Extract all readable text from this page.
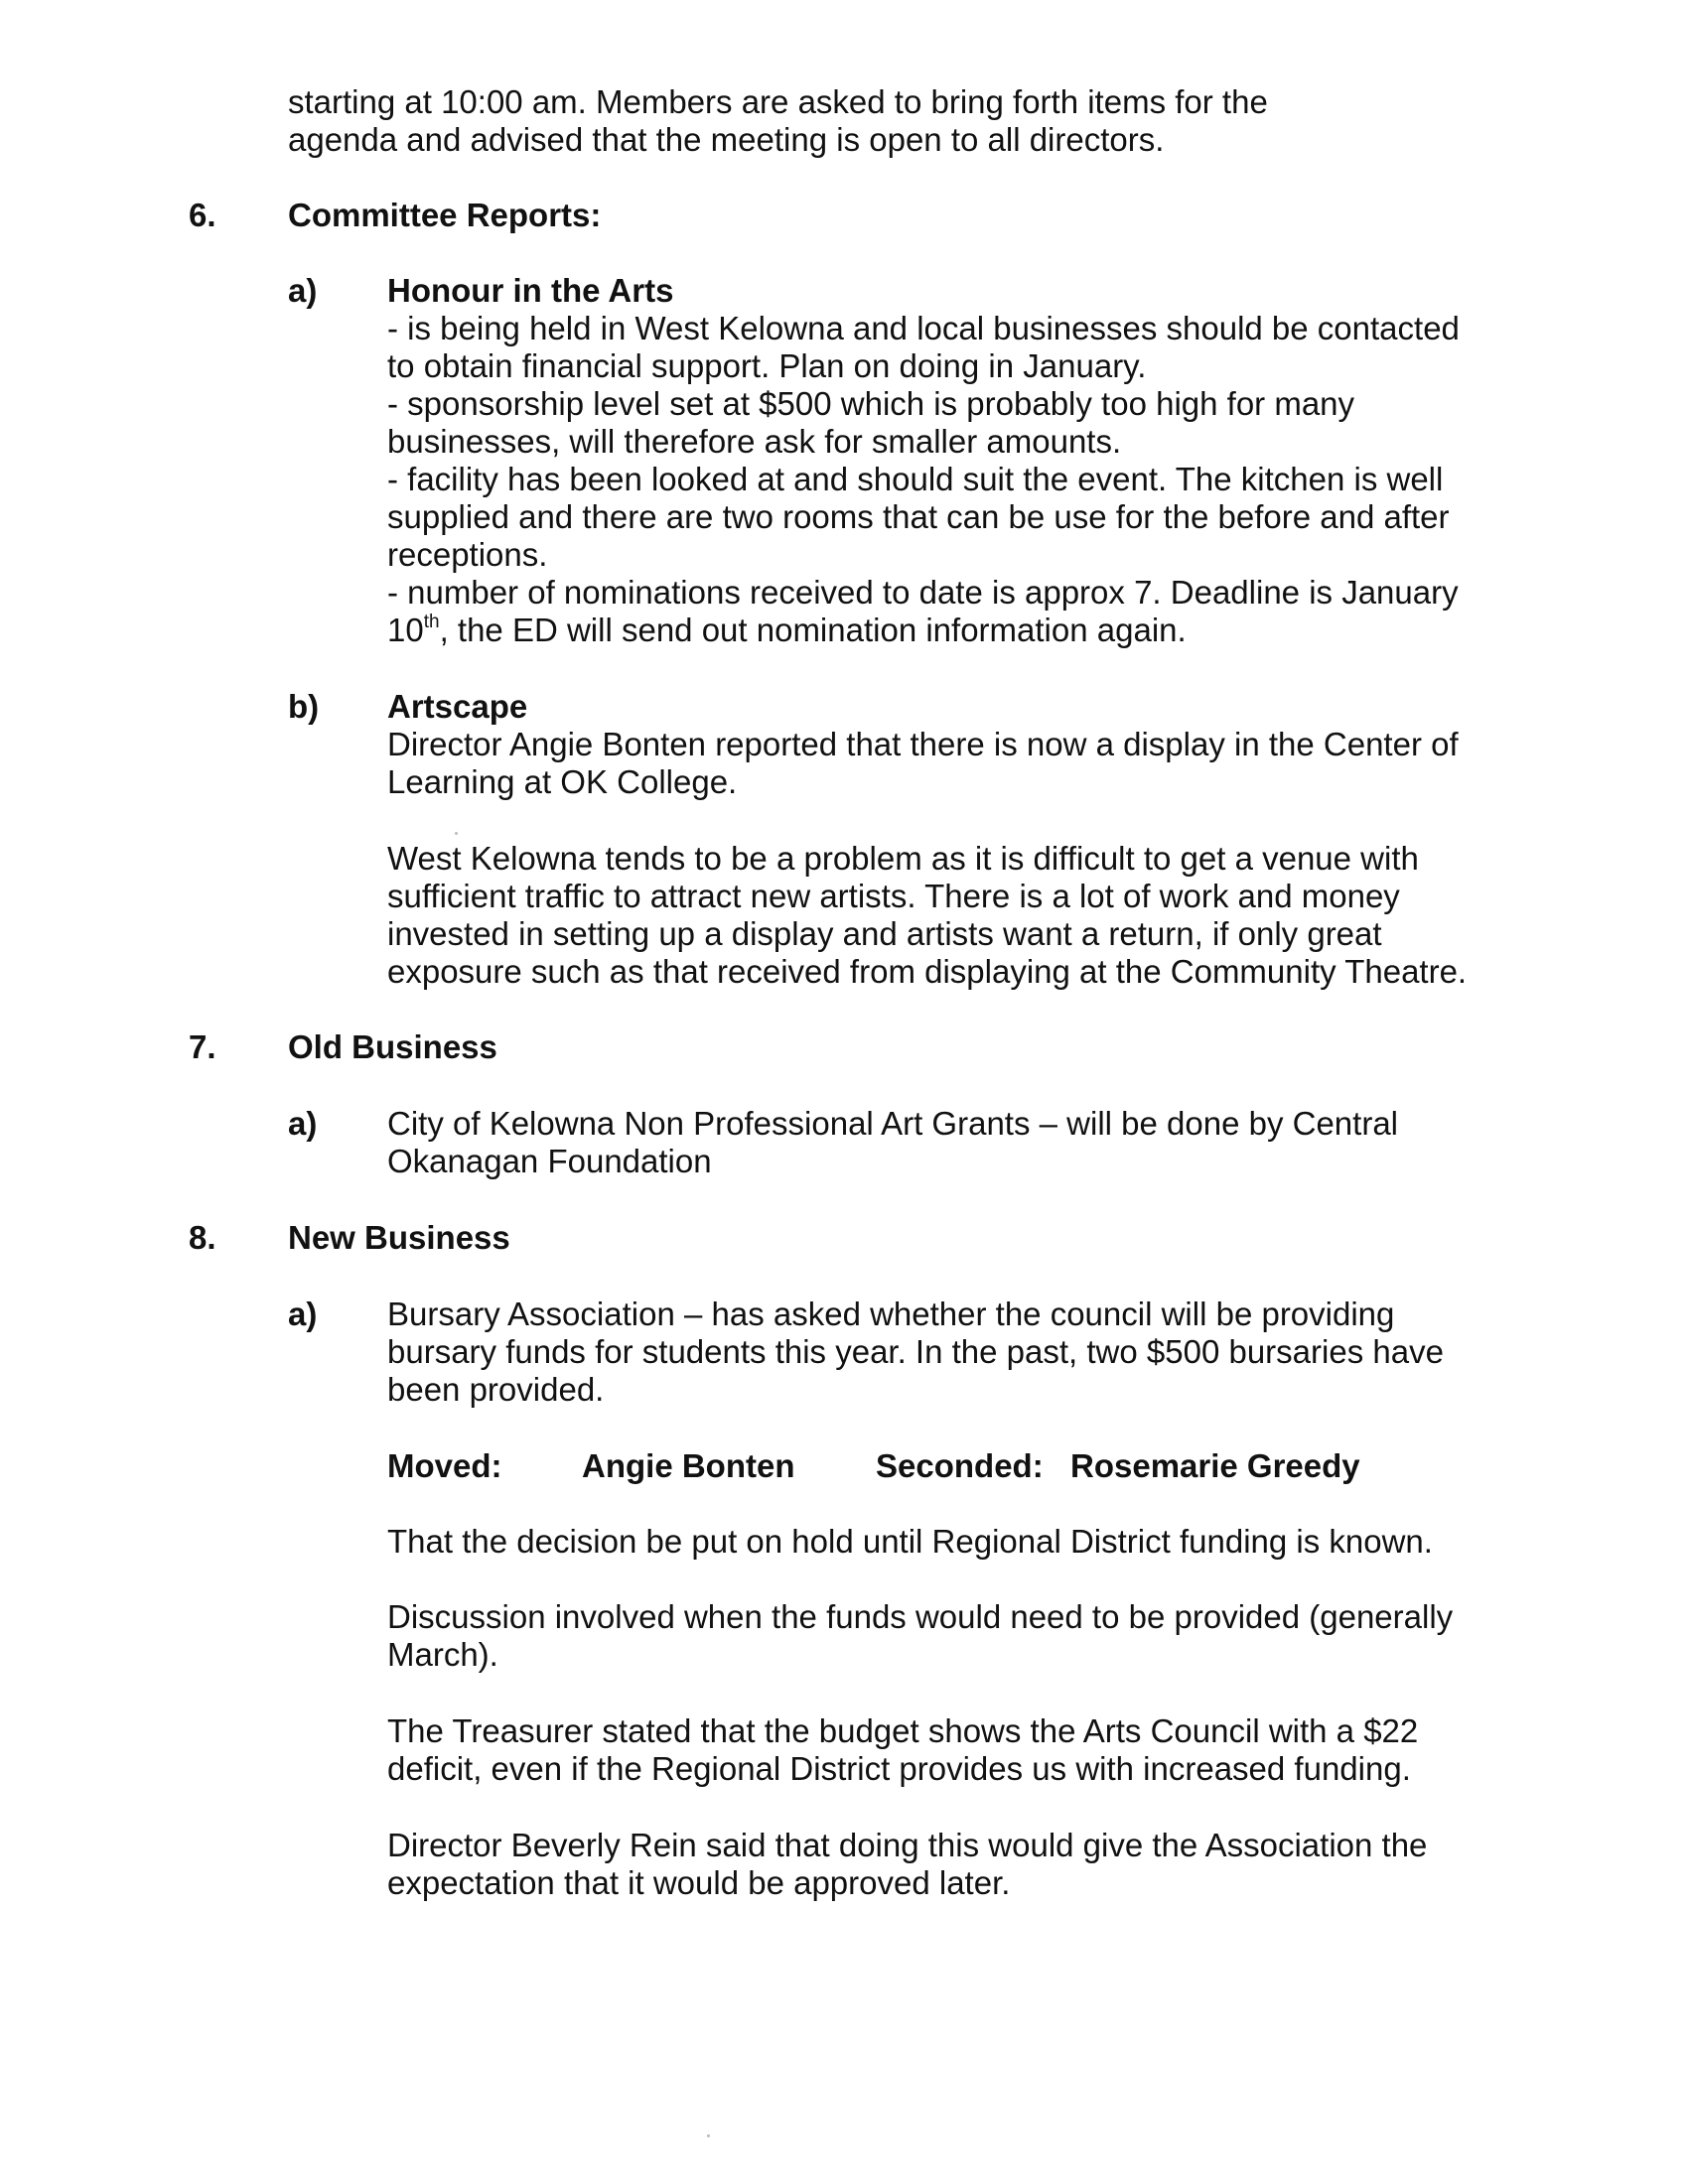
starting at 10:00 am. Members are asked to bring forth items for the
agenda and advised that the meeting is open to all directors.
6. Committee Reports:
a) Honour in the Arts
- is being held in West Kelowna and local businesses should be contacted
to obtain financial support. Plan on doing in January.
- sponsorship level set at $500 which is probably too high for many
businesses, will therefore ask for smaller amounts.
- facility has been looked at and should suit the event. The kitchen is well
supplied and there are two rooms that can be use for the before and after
receptions.
- number of nominations received to date is approx 7. Deadline is January
10th, the ED will send out nomination information again.
b) Artscape
Director Angie Bonten reported that there is now a display in the Center of
Learning at OK College.
West Kelowna tends to be a problem as it is difficult to get a venue with
sufficient traffic to attract new artists. There is a lot of work and money
invested in setting up a display and artists want a return, if only great
exposure such as that received from displaying at the Community Theatre.
7. Old Business
a) City of Kelowna Non Professional Art Grants – will be done by Central
Okanagan Foundation
8. New Business
a) Bursary Association – has asked whether the council will be providing
bursary funds for students this year. In the past, two $500 bursaries have
been provided.
Moved: Angie Bonten Seconded: Rosemarie Greedy
That the decision be put on hold until Regional District funding is known.
Discussion involved when the funds would need to be provided (generally
March).
The Treasurer stated that the budget shows the Arts Council with a $22
deficit, even if the Regional District provides us with increased funding.
Director Beverly Rein said that doing this would give the Association the
expectation that it would be approved later.
